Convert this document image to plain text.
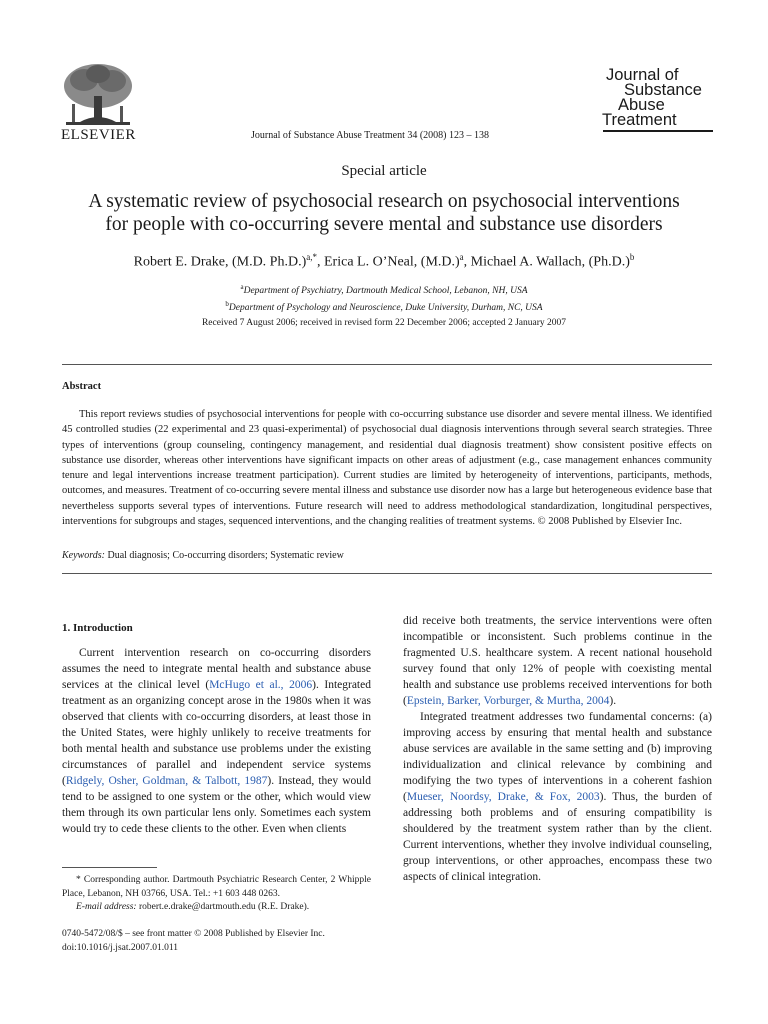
ELSEVIER	Journal of Substance Abuse Treatment 34 (2008) 123 – 138
Journal of
Substance
Abuse
Treatment
Special article
A systematic review of psychosocial research on psychosocial interventions
for people with co-occurring severe mental and substance use disorders
Robert E. Drake, (M.D. Ph.D.)$^{a,*}$, Erica L. O’Neal, $(M.D.)^a$, Michael A. Wallach, $(Ph.D.)^b$
$^a$Department of Psychiatry, Dartmouth Medical School, Lebanon, NH, USA
$^b$Department of Psychology and Neuroscience, Duke University, Durham, NC, USA
Received 7 August 2006; received in revised form 22 December 2006; accepted 2 January 2007
Abstract
This report reviews studies of psychosocial interventions for people with co-occurring substance use disorder and severe mental illness. We identified 45 controlled studies (22 experimental and 23 quasi-experimental) of psychosocial dual diagnosis interventions through several search strategies. Three types of interventions (group counseling, contingency management, and residential dual diagnosis treatment) show consistent positive effects on substance use disorder, whereas other interventions have significant impacts on other areas of adjustment (e.g., case management enhances community tenure and legal interventions increase treatment participation). Current studies are limited by heterogeneity of interventions, participants, methods, outcomes, and measures. Treatment of co-occurring severe mental illness and substance use disorder now has a large but heterogeneous evidence base that nevertheless supports several types of interventions. Future research will need to address methodological standardization, longitudinal perspectives, interventions for subgroups and stages, sequenced interventions, and the changing realities of treatment systems. © 2008 Published by Elsevier Inc.
Keywords: Dual diagnosis; Co-occurring disorders; Systematic review
1. Introduction

Current intervention research on co-occurring disorders assumes the need to integrate mental health and substance abuse services at the clinical level (McHugo et al., 2006). Integrated treatment as an organizing concept arose in the 1980s when it was observed that clients with co-occurring disorders, at least those in the United States, were highly unlikely to receive treatments for both mental health and substance use problems under the existing circumstances of parallel and independent service systems (Ridgely, Osher, Goldman, & Talbott, 1987). Instead, they would tend to be assigned to one system or the other, which would view them through its own particular lens only. Sometimes each system would try to cede these clients to the other. Even when clients

did receive both treatments, the service interventions were often incompatible or inconsistent. Such problems continue in the fragmented U.S. healthcare system. A recent national household survey found that only 12% of people with coexisting mental health and substance use problems received interventions for both (Epstein, Barker, Vorburger, & Murtha, 2004).

Integrated treatment addresses two fundamental concerns: (a) improving access by ensuring that mental health and substance abuse services are available in the same setting and (b) improving individualization and clinical relevance by combining and modifying the two types of interventions in a coherent fashion (Mueser, Noordsy, Drake, & Fox, 2003). Thus, the burden of addressing both problems and of ensuring compatibility is shouldered by the treatment system rather than by the client. Current interventions, whether they involve individual counseling, group interventions, or other approaches, encompass these two aspects of clinical integration.

* Corresponding author. Dartmouth Psychiatric Research Center, 2 Whipple Place, Lebanon, NH 03766, USA. Tel.: +1 603 448 0263.

E-mail address: robert.e.drake@dartmouth.edu (R.E. Drake).

0740-5472/08/$ – see front matter © 2008 Published by Elsevier Inc.
doi:10.1016/j.jsat.2007.01.011
